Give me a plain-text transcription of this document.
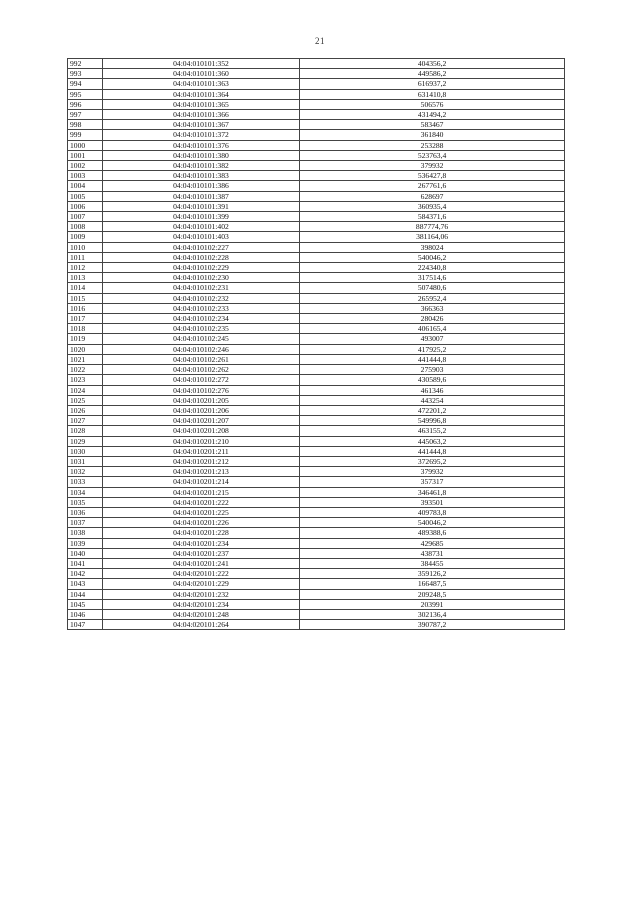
21
992	04:04:010101:352	404356,2
993	04:04:010101:360	449586,2
994	04:04:010101:363	616937,2
995	04:04:010101:364	631410,8
996	04:04:010101:365	506576
997	04:04:010101:366	431494,2
998	04:04:010101:367	583467
999	04:04:010101:372	361840
1000	04:04:010101:376	253288
1001	04:04:010101:380	523763,4
1002	04:04:010101:382	379932
1003	04:04:010101:383	536427,8
1004	04:04:010101:386	267761,6
1005	04:04:010101:387	628697
1006	04:04:010101:391	360935,4
1007	04:04:010101:399	584371,6
1008	04:04:010101:402	887774,76
1009	04:04:010101:403	381164,06
1010	04:04:010102:227	398024
1011	04:04:010102:228	540046,2
1012	04:04:010102:229	224340,8
1013	04:04:010102:230	317514,6
1014	04:04:010102:231	507480,6
1015	04:04:010102:232	265952,4
1016	04:04:010102:233	366363
1017	04:04:010102:234	280426
1018	04:04:010102:235	406165,4
1019	04:04:010102:245	493007
1020	04:04:010102:246	417925,2
1021	04:04:010102:261	441444,8
1022	04:04:010102:262	275903
1023	04:04:010102:272	430589,6
1024	04:04:010102:276	461346
1025	04:04:010201:205	443254
1026	04:04:010201:206	472201,2
1027	04:04:010201:207	549996,8
1028	04:04:010201:208	463155,2
1029	04:04:010201:210	445063,2
1030	04:04:010201:211	441444,8
1031	04:04:010201:212	372695,2
1032	04:04:010201:213	379932
1033	04:04:010201:214	357317
1034	04:04:010201:215	346461,8
1035	04:04:010201:222	393501
1036	04:04:010201:225	409783,8
1037	04:04:010201:226	540046,2
1038	04:04:010201:228	489388,6
1039	04:04:010201:234	429685
1040	04:04:010201:237	438731
1041	04:04:010201:241	384455
1042	04:04:020101:222	359126,2
1043	04:04:020101:229	166487,5
1044	04:04:020101:232	209248,5
1045	04:04:020101:234	203991
1046	04:04:020101:248	302136,4
1047	04:04:020101:264	390787,2
